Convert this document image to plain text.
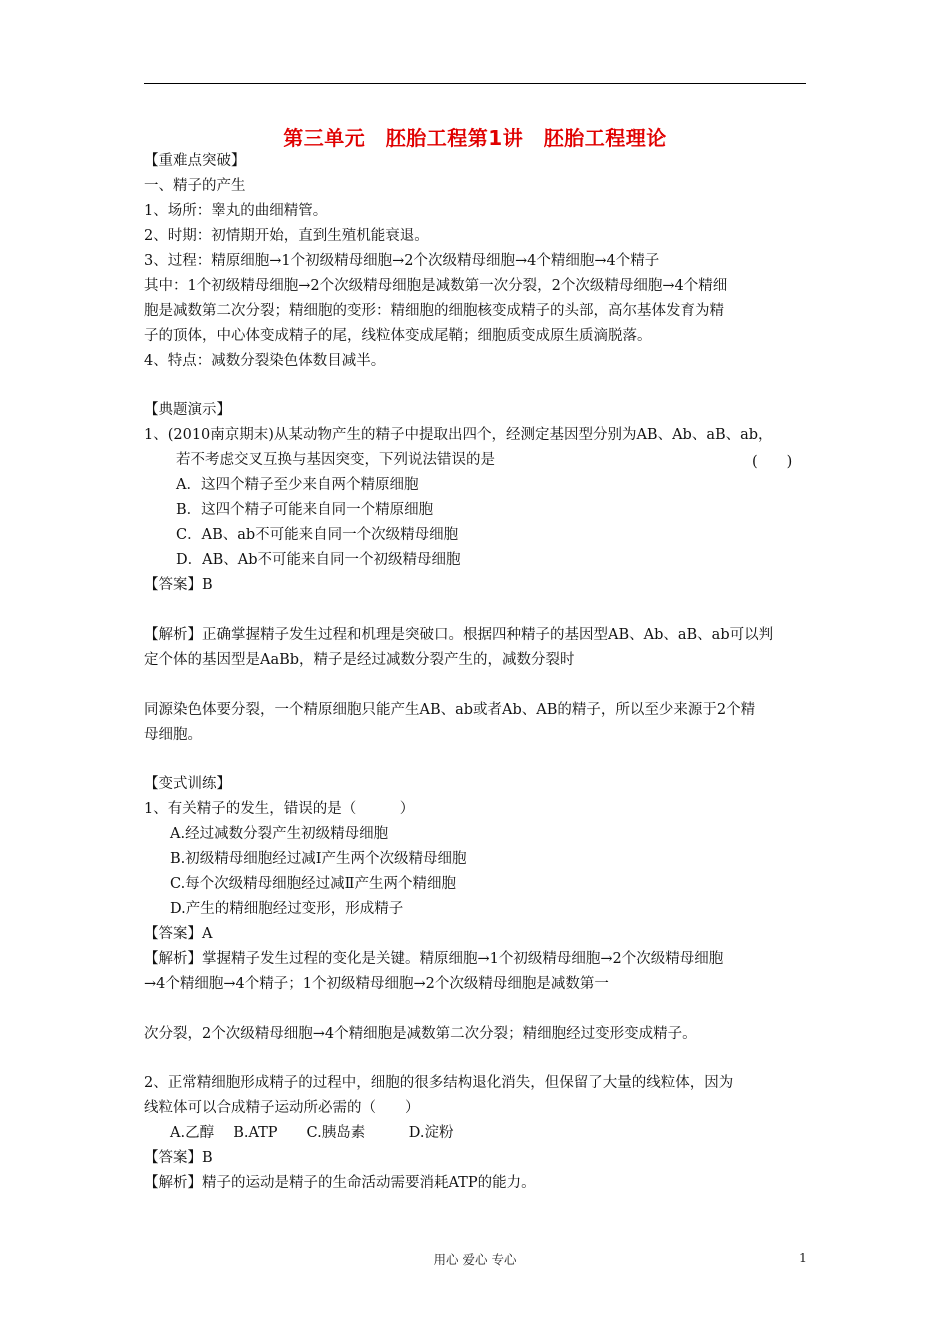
第三单元　胚胎工程第1讲　胚胎工程理论
【重难点突破】
一、精子的产生
1、场所：睾丸的曲细精管。
2、时期：初情期开始，直到生殖机能衰退。
3、过程：精原细胞→1个初级精母细胞→2个次级精母细胞→4个精细胞→4个精子
其中：1个初级精母细胞→2个次级精母细胞是减数第一次分裂，2个次级精母细胞→4个精细
胞是减数第二次分裂；精细胞的变形：精细胞的细胞核变成精子的头部，高尔基体发育为精
子的顶体，中心体变成精子的尾，线粒体变成尾鞘；细胞质变成原生质滴脱落。
4、特点：减数分裂染色体数目减半。
【典题演示】
1、(2010南京期末)从某动物产生的精子中提取出四个，经测定基因型分别为AB、Ab、aB、ab，
若不考虑交叉互换与基因突变，下列说法错误的是	(　　)
A．这四个精子至少来自两个精原细胞
B．这四个精子可能来自同一个精原细胞
C．AB、ab不可能来自同一个次级精母细胞
D．AB、Ab不可能来自同一个初级精母细胞
【答案】B
【解析】正确掌握精子发生过程和机理是突破口。根据四种精子的基因型AB、Ab、aB、ab可以判
定个体的基因型是AaBb，精子是经过减数分裂产生的，减数分裂时
同源染色体要分裂，一个精原细胞只能产生AB、ab或者Ab、AB的精子，所以至少来源于2个精
母细胞。
【变式训练】
1、有关精子的发生，错误的是（　　　）
A.经过减数分裂产生初级精母细胞
B.初级精母细胞经过减Ⅰ产生两个次级精母细胞
C.每个次级精母细胞经过减Ⅱ产生两个精细胞
D.产生的精细胞经过变形，形成精子
【答案】A
【解析】掌握精子发生过程的变化是关键。精原细胞→1个初级精母细胞→2个次级精母细胞
→4个精细胞→4个精子；1个初级精母细胞→2个次级精母细胞是减数第一
次分裂，2个次级精母细胞→4个精细胞是减数第二次分裂；精细胞经过变形变成精子。
2、正常精细胞形成精子的过程中，细胞的很多结构退化消失，但保留了大量的线粒体，因为
线粒体可以合成精子运动所必需的（　　）
A.乙醇　 B.ATP　　C.胰岛素　　　D.淀粉
【答案】B
【解析】精子的运动是精子的生命活动需要消耗ATP的能力。
用心 爱心 专心	1
